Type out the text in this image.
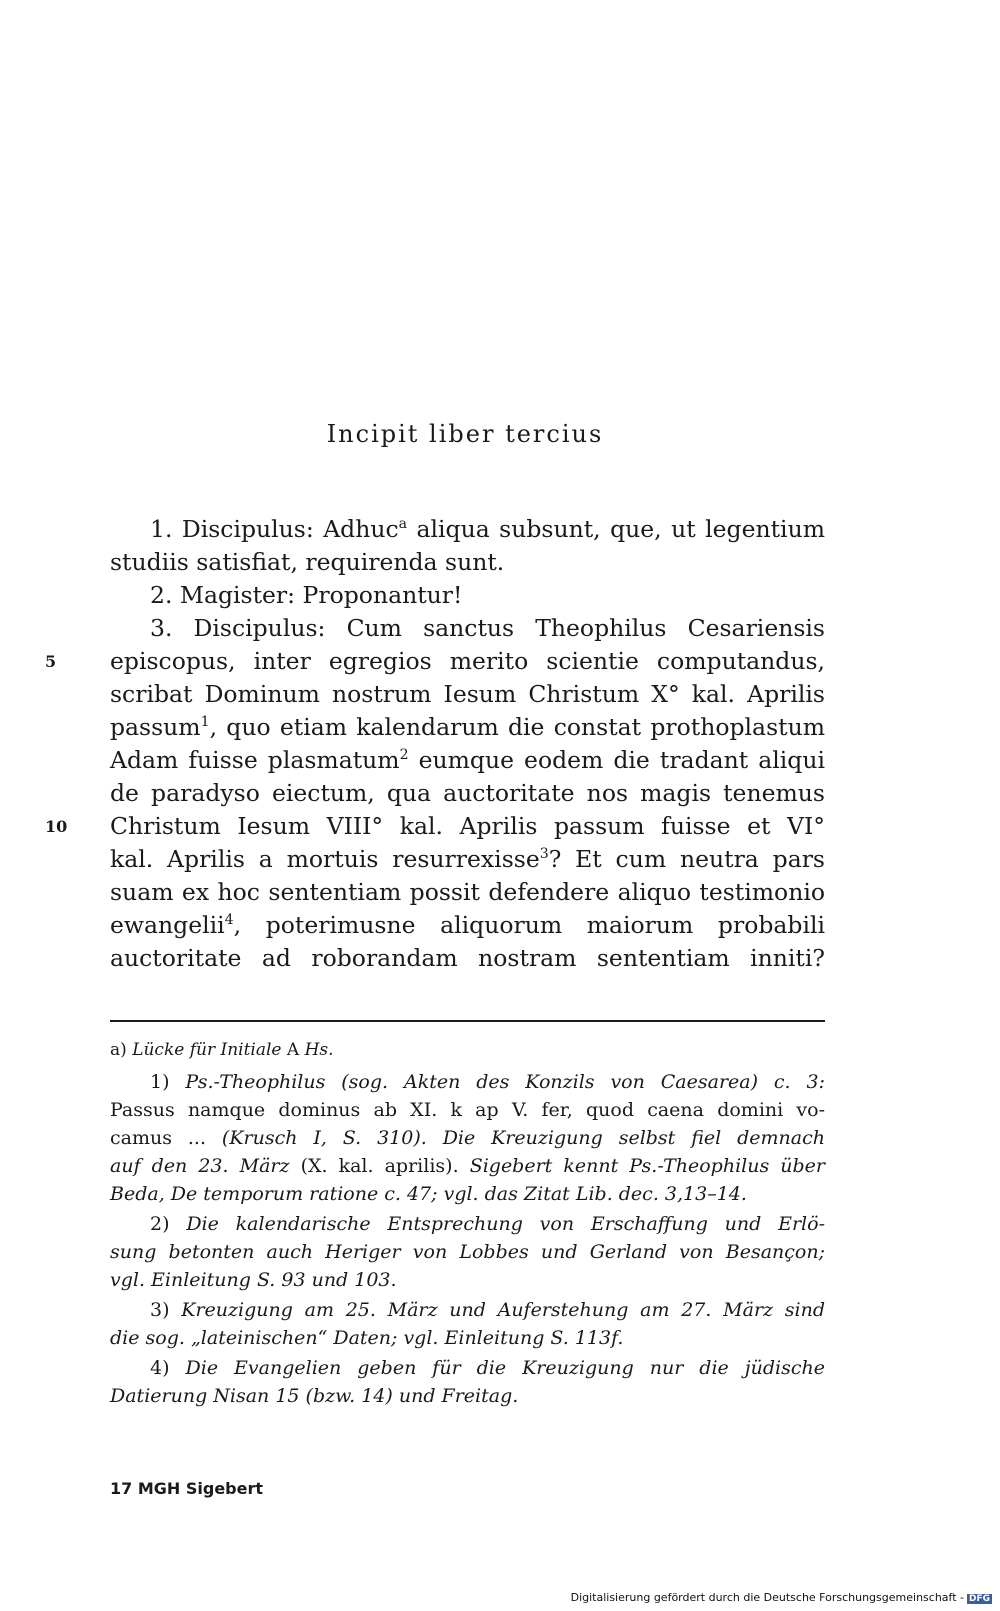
Incipit liber tercius
5
10
1. Discipulus: Adhuc$^a$ aliqua subsunt, que, ut legentium
studiis satisfiat, requirenda sunt.
2. Magister: Proponantur!
3. Discipulus: Cum sanctus Theophilus Cesariensis
episcopus, inter egregios merito scientie computandus,
scribat Dominum nostrum Iesum Christum X° kal. Aprilis
passum$^1$, quo etiam kalendarum die constat prothoplastum
Adam fuisse plasmatum$^2$ eumque eodem die tradant aliqui
de paradyso eiectum, qua auctoritate nos magis tenemus
Christum Iesum VIII° kal. Aprilis passum fuisse et VI°
kal. Aprilis a mortuis resurrexisse$^3$? Et cum neutra pars
suam ex hoc sententiam possit defendere aliquo testimonio
ewangelii$^4$, poterimusne aliquorum maiorum probabili
auctoritate ad roborandam nostram sententiam inniti?
a) Lücke für Initiale A Hs.
1) Ps.-Theophilus (sog. Akten des Konzils von Caesarea) c. 3:
Passus namque dominus ab XI. k ap V. fer, quod caena domini vo-
camus ... (Krusch I, S. 310). Die Kreuzigung selbst fiel demnach
auf den 23. März (X. kal. aprilis). Sigebert kennt Ps.-Theophilus über
Beda, De temporum ratione c. 47; vgl. das Zitat Lib. dec. 3,13–14.
2) Die kalendarische Entsprechung von Erschaffung und Erlö-
sung betonten auch Heriger von Lobbes und Gerland von Besançon;
vgl. Einleitung S. 93 und 103.
3) Kreuzigung am 25. März und Auferstehung am 27. März sind
die sog. „lateinischen“ Daten; vgl. Einleitung S. 113f.
4) Die Evangelien geben für die Kreuzigung nur die jüdische
Datierung Nisan 15 (bzw. 14) und Freitag.
17 MGH Sigebert
Digitalisierung gefördert durch die Deutsche Forschungsgemeinschaft - DFG
